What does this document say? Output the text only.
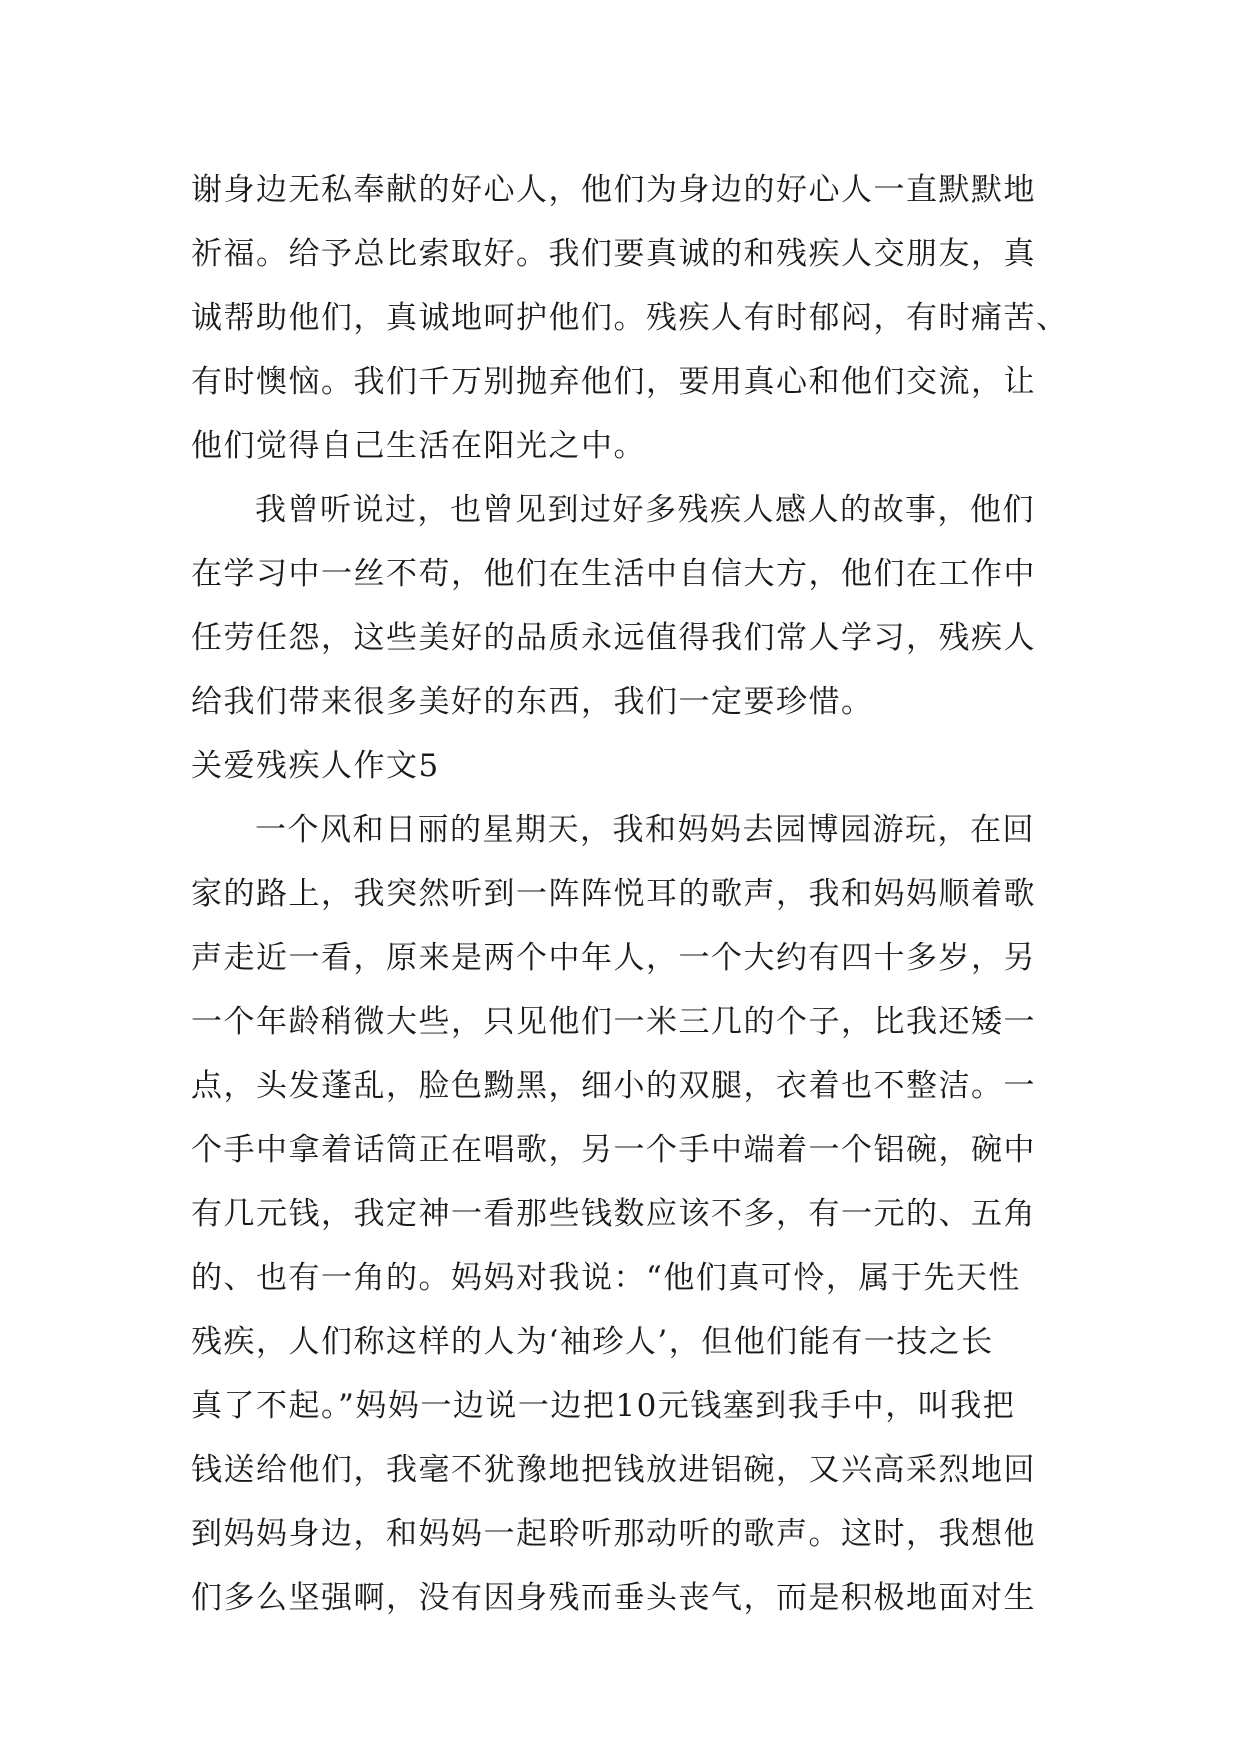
谢身边无私奉献的好心人，他们为身边的好心人一直默默地
祈福。给予总比索取好。我们要真诚的和残疾人交朋友，真
诚帮助他们，真诚地呵护他们。残疾人有时郁闷，有时痛苦、
有时懊恼。我们千万别抛弃他们，要用真心和他们交流，让
他们觉得自己生活在阳光之中。
我曾听说过，也曾见到过好多残疾人感人的故事，他们
在学习中一丝不苟，他们在生活中自信大方，他们在工作中
任劳任怨，这些美好的品质永远值得我们常人学习，残疾人
给我们带来很多美好的东西，我们一定要珍惜。
关爱残疾人作文5
一个风和日丽的星期天，我和妈妈去园博园游玩，在回
家的路上，我突然听到一阵阵悦耳的歌声，我和妈妈顺着歌
声走近一看，原来是两个中年人，一个大约有四十多岁，另
一个年龄稍微大些，只见他们一米三几的个子，比我还矮一
点，头发蓬乱，脸色黝黑，细小的双腿，衣着也不整洁。一
个手中拿着话筒正在唱歌，另一个手中端着一个铝碗，碗中
有几元钱，我定神一看那些钱数应该不多，有一元的、五角
的、也有一角的。妈妈对我说：“他们真可怜，属于先天性
残疾，人们称这样的人为‘袖珍人’，但他们能有一技之长
真了不起。”妈妈一边说一边把10元钱塞到我手中，叫我把
钱送给他们，我毫不犹豫地把钱放进铝碗，又兴高采烈地回
到妈妈身边，和妈妈一起聆听那动听的歌声。这时，我想他
们多么坚强啊，没有因身残而垂头丧气，而是积极地面对生
